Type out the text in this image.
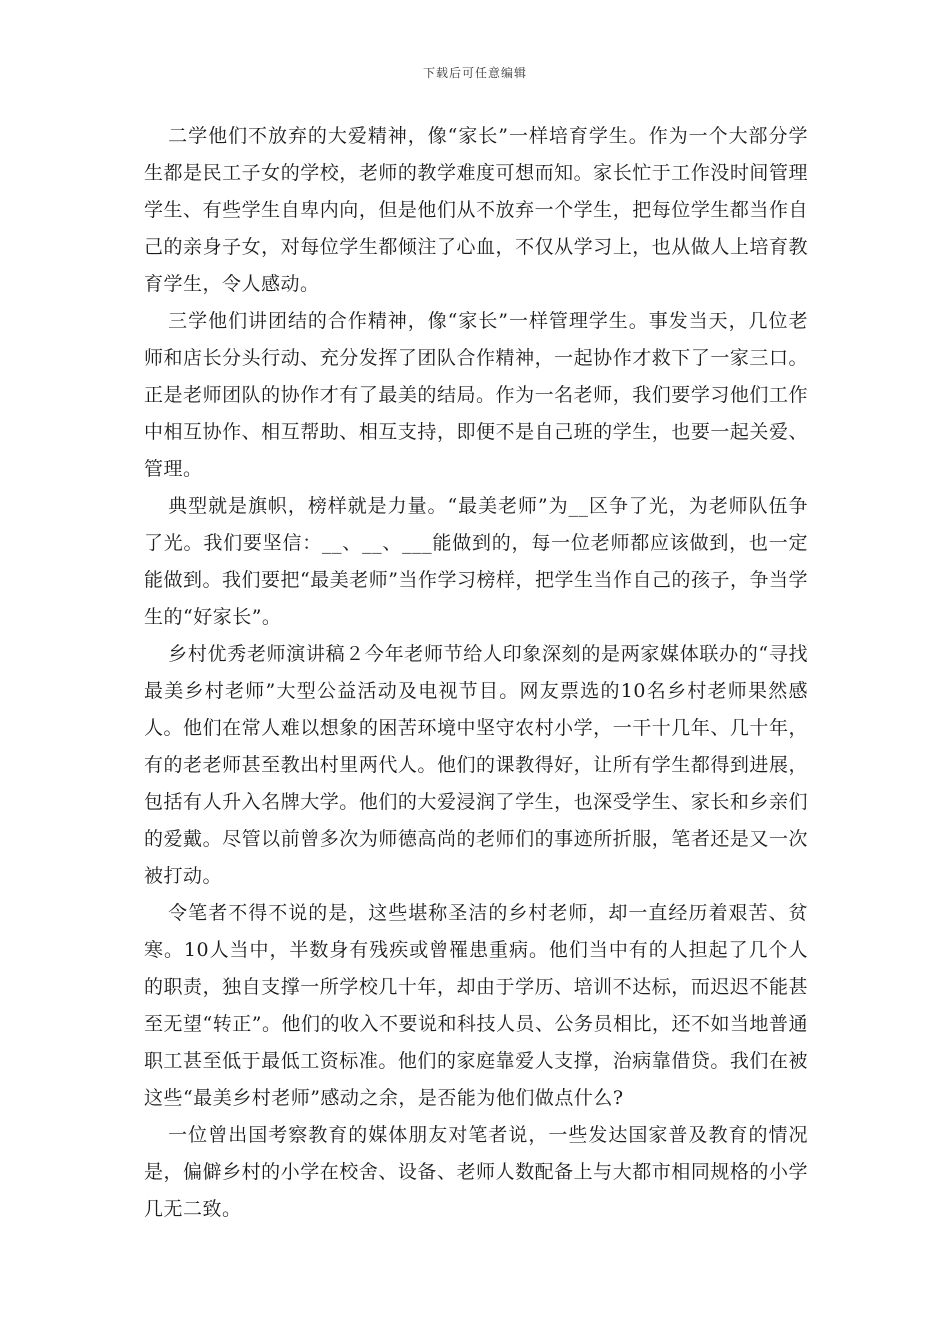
下载后可任意编辑

二学他们不放弃的大爱精神，像“家长”一样培育学生。作为一个大部分学生都是民工子女的学校，老师的教学难度可想而知。家长忙于工作没时间管理学生、有些学生自卑内向，但是他们从不放弃一个学生，把每位学生都当作自己的亲身子女，对每位学生都倾注了心血，不仅从学习上，也从做人上培育教育学生，令人感动。

三学他们讲团结的合作精神，像“家长”一样管理学生。事发当天，几位老师和店长分头行动、充分发挥了团队合作精神，一起协作才救下了一家三口。正是老师团队的协作才有了最美的结局。作为一名老师，我们要学习他们工作中相互协作、相互帮助、相互支持，即便不是自己班的学生，也要一起关爱、管理。

典型就是旗帜，榜样就是力量。“最美老师”为__区争了光，为老师队伍争了光。我们要坚信：__、__、___能做到的，每一位老师都应该做到，也一定能做到。我们要把“最美老师”当作学习榜样，把学生当作自己的孩子，争当学生的“好家长”。

乡村优秀老师演讲稿２今年老师节给人印象深刻的是两家媒体联办的“寻找最美乡村老师”大型公益活动及电视节目。网友票选的10名乡村老师果然感人。他们在常人难以想象的困苦环境中坚守农村小学，一干十几年、几十年，有的老老师甚至教出村里两代人。他们的课教得好，让所有学生都得到进展，包括有人升入名牌大学。他们的大爱浸润了学生，也深受学生、家长和乡亲们的爱戴。尽管以前曾多次为师德高尚的老师们的事迹所折服，笔者还是又一次被打动。

令笔者不得不说的是，这些堪称圣洁的乡村老师，却一直经历着艰苦、贫寒。10人当中，半数身有残疾或曾罹患重病。他们当中有的人担起了几个人的职责，独自支撑一所学校几十年，却由于学历、培训不达标，而迟迟不能甚至无望“转正”。他们的收入不要说和科技人员、公务员相比，还不如当地普通职工甚至低于最低工资标准。他们的家庭靠爱人支撑，治病靠借贷。我们在被这些“最美乡村老师”感动之余，是否能为他们做点什么?

一位曾出国考察教育的媒体朋友对笔者说，一些发达国家普及教育的情况是，偏僻乡村的小学在校舍、设备、老师人数配备上与大都市相同规格的小学几无二致。
